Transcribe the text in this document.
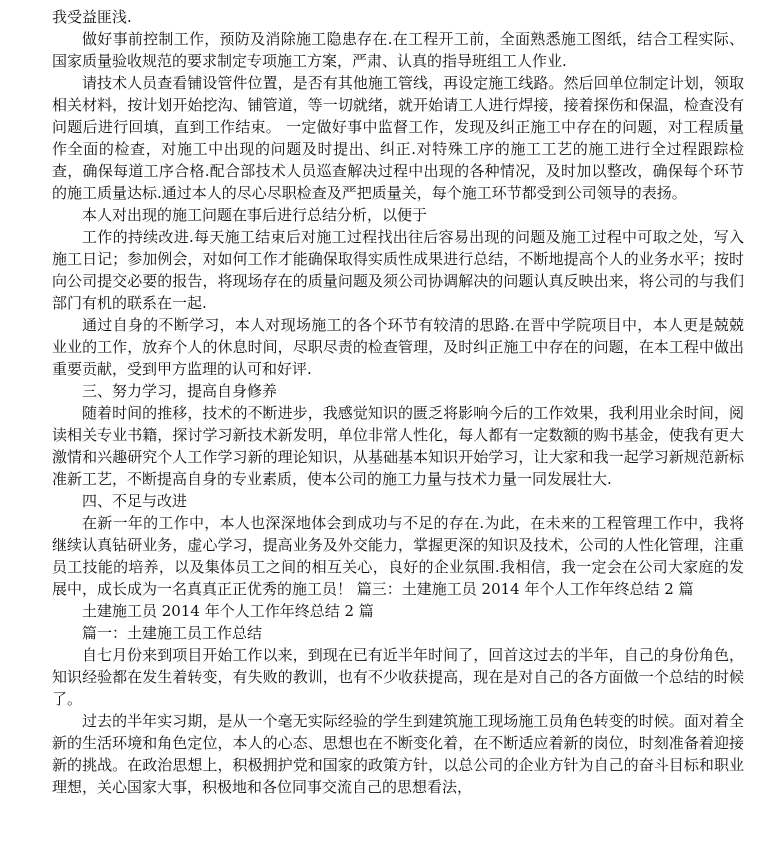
我受益匪浅.

做好事前控制工作，预防及消除施工隐患存在.在工程开工前，全面熟悉施工图纸，结合工程实际、国家质量验收规范的要求制定专项施工方案，严肃、认真的指导班组工人作业.

请技术人员查看铺设管件位置，是否有其他施工管线，再设定施工线路。然后回单位制定计划，领取相关材料，按计划开始挖沟、铺管道，等一切就绪，就开始请工人进行焊接，接着探伤和保温，检查没有问题后进行回填，直到工作结束。 一定做好事中监督工作，发现及纠正施工中存在的问题，对工程质量作全面的检查，对施工中出现的问题及时提出、纠正.对特殊工序的施工工艺的施工进行全过程跟踪检查，确保每道工序合格.配合部技术人员巡查解决过程中出现的各种情况，及时加以整改，确保每个环节的施工质量达标.通过本人的尽心尽职检查及严把质量关，每个施工环节都受到公司领导的表扬。

本人对出现的施工问题在事后进行总结分析，以便于

工作的持续改进.每天施工结束后对施工过程找出往后容易出现的问题及施工过程中可取之处，写入施工日记；参加例会，对如何工作才能确保取得实质性成果进行总结，不断地提高个人的业务水平；按时向公司提交必要的报告，将现场存在的质量问题及须公司协调解决的问题认真反映出来，将公司的与我们部门有机的联系在一起.

通过自身的不断学习，本人对现场施工的各个环节有较清的思路.在晋中学院项目中，本人更是兢兢业业的工作，放弃个人的休息时间，尽职尽责的检查管理，及时纠正施工中存在的问题，在本工程中做出重要贡献，受到甲方监理的认可和好评.

三、努力学习，提高自身修养

随着时间的推移，技术的不断进步，我感觉知识的匮乏将影响今后的工作效果，我利用业余时间，阅读相关专业书籍，探讨学习新技术新发明，单位非常人性化，每人都有一定数额的购书基金，使我有更大激情和兴趣研究个人工作学习新的理论知识，从基础基本知识开始学习，让大家和我一起学习新规范新标准新工艺，不断提高自身的专业素质，使本公司的施工力量与技术力量一同发展壮大.

四、不足与改进

在新一年的工作中，本人也深深地体会到成功与不足的存在.为此，在未来的工程管理工作中，我将继续认真钻研业务，虚心学习，提高业务及外交能力，掌握更深的知识及技术，公司的人性化管理，注重员工技能的培养，以及集体员工之间的相互关心，良好的企业氛围.我相信，我一定会在公司大家庭的发展中，成长成为一名真真正正优秀的施工员！ 篇三：土建施工员 2014 年个人工作年终总结 2 篇

土建施工员 2014 年个人工作年终总结 2 篇

篇一：土建施工员工作总结

自七月份来到项目开始工作以来，到现在已有近半年时间了，回首这过去的半年，自己的身份角色，知识经验都在发生着转变，有失败的教训，也有不少收获提高，现在是对自己的各方面做一个总结的时候了。

过去的半年实习期，是从一个毫无实际经验的学生到建筑施工现场施工员角色转变的时候。面对着全新的生活环境和角色定位，本人的心态、思想也在不断变化着，在不断适应着新的岗位，时刻准备着迎接新的挑战。在政治思想上，积极拥护党和国家的政策方针，以总公司的企业方针为自己的奋斗目标和职业理想，关心国家大事，积极地和各位同事交流自己的思想看法，
